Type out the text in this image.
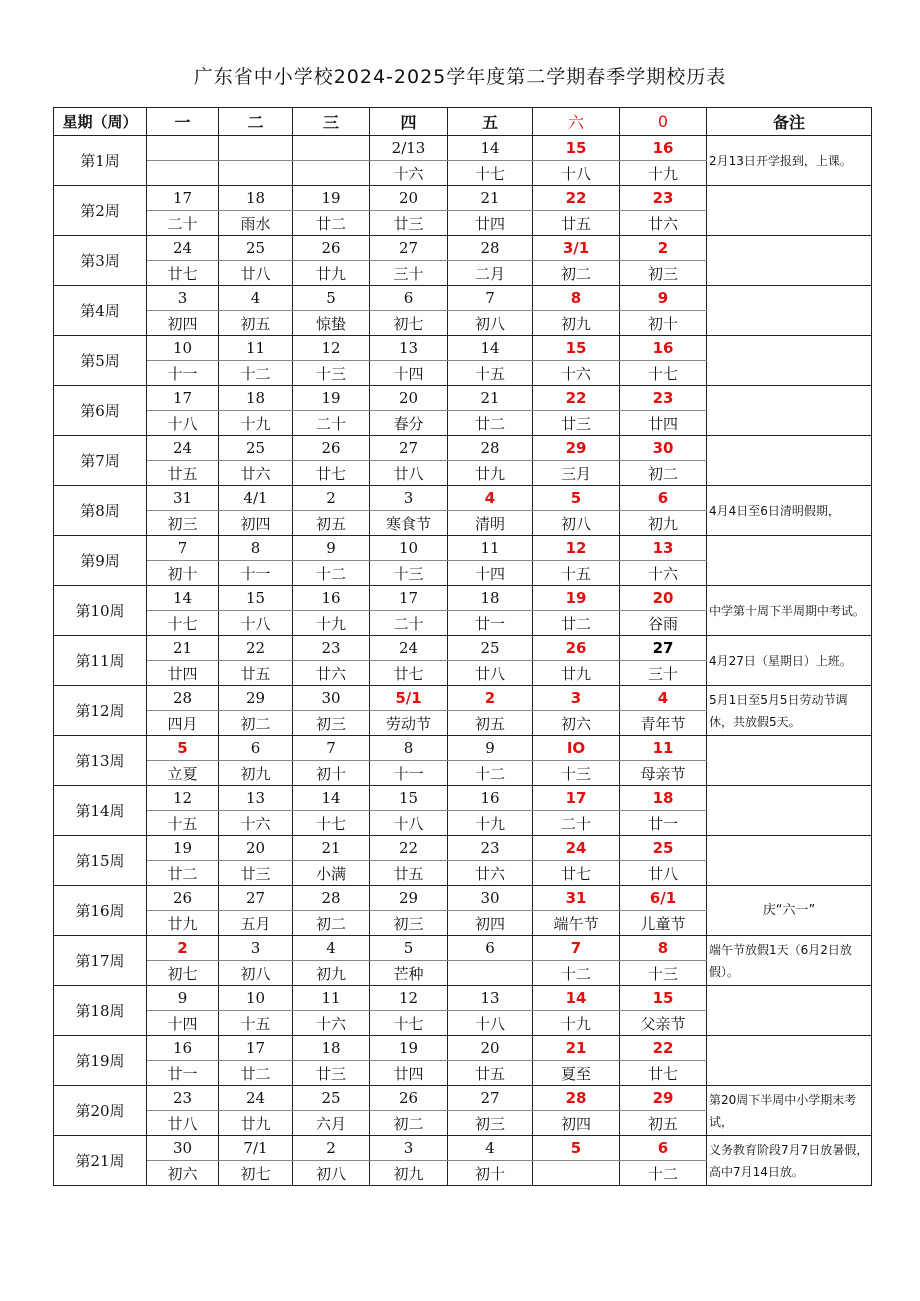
广东省中小学校2024-2025学年度第二学期春季学期校历表
星期（周）	一	二	三	四	五	六	0	备注
第1周				2/13	14	15	16	2月13日开学报到，上课。
				十六	十七	十八	十九	
第2周	17	18	19	20	21	22	23	
	二十	雨水	廿二	廿三	廿四	廿五	廿六	
第3周	24	25	26	27	28	3/1	2	
	廿七	廿八	廿九	三十	二月	初二	初三	
第4周	3	4	5	6	7	8	9	
	初四	初五	惊蛰	初七	初八	初九	初十	
第5周	10	11	12	13	14	15	16	
	十一	十二	十三	十四	十五	十六	十七	
第6周	17	18	19	20	21	22	23	
	十八	十九	二十	春分	廿二	廿三	廿四	
第7周	24	25	26	27	28	29	30	
	廿五	廿六	廿七	廿八	廿九	三月	初二	
第8周	31	4/1	2	3	4	5	6	4月4日至6日清明假期，
	初三	初四	初五	寒食节	清明	初八	初九	
第9周	7	8	9	10	11	12	13	
	初十	十一	十二	十三	十四	十五	十六	
第10周	14	15	16	17	18	19	20	中学第十周下半周期中考试。
	十七	十八	十九	二十	廿一	廿二	谷雨	
第11周	21	22	23	24	25	26	27	4月27日（星期日）上班。
	廿四	廿五	廿六	廿七	廿八	廿九	三十	
第12周	28	29	30	5/1	2	3	4	5月1日至5月5日劳动节调休，共放假5天。
	四月	初二	初三	劳动节	初五	初六	青年节	
第13周	5	6	7	8	9	IO	11	
	立夏	初九	初十	十一	十二	十三	母亲节	
第14周	12	13	14	15	16	17	18	
	十五	十六	十七	十八	十九	二十	廿一	
第15周	19	20	21	22	23	24	25	
	廿二	廿三	小满	廿五	廿六	廿七	廿八	
第16周	26	27	28	29	30	31	6/1	庆“六一”
	廿九	五月	初二	初三	初四	端午节	儿童节	
第17周	2	3	4	5	6	7	8	端午节放假1天（6月2日放假）。
	初七	初八	初九	芒种		十二	十三	
第18周	9	10	11	12	13	14	15	
	十四	十五	十六	十七	十八	十九	父亲节	
第19周	16	17	18	19	20	21	22	
	廿一	廿二	廿三	廿四	廿五	夏至	廿七	
第20周	23	24	25	26	27	28	29	第20周下半周中小学期末考试，
	廿八	廿九	六月	初二	初三	初四	初五	
第21周	30	7/1	2	3	4	5	6	义务教育阶段7月7日放暑假，高中7月14日放。
	初六	初七	初八	初九	初十		十二	
